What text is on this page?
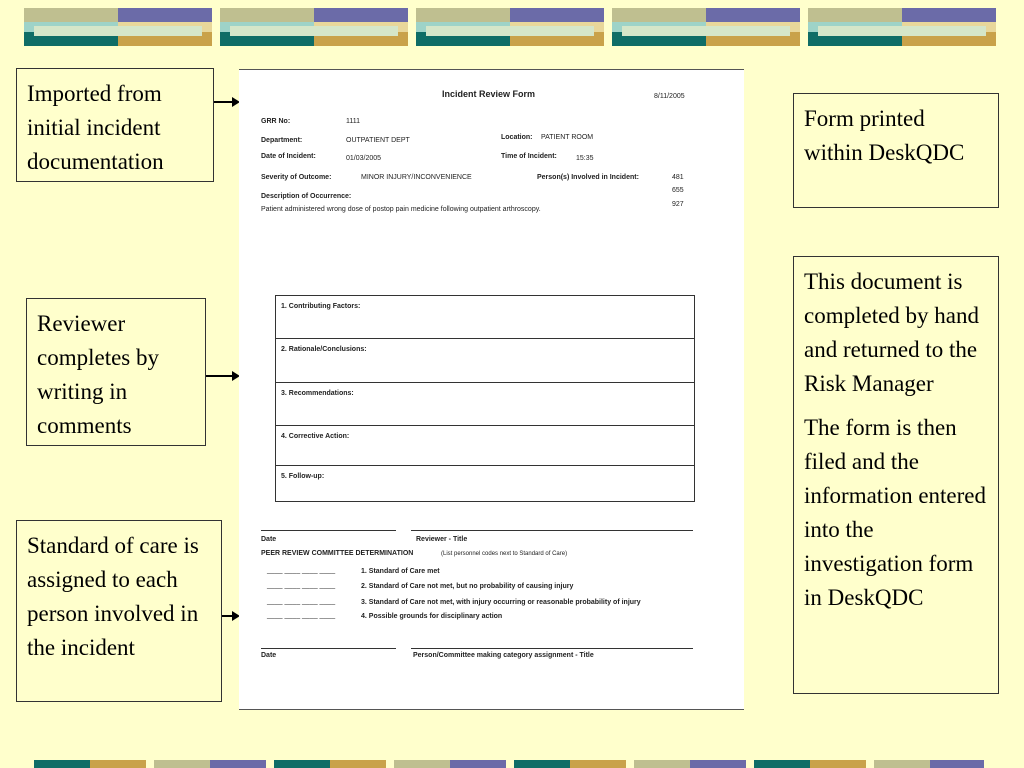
Imported from initial incident documentation

Reviewer completes by writing in comments

Standard of care is assigned to each person involved in the incident

Form printed within DeskQDC

This document is completed by hand and returned to the Risk Manager

The form is then filed and the information entered into the investigation form in DeskQDC

Incident Review Form	8/11/2005
GRR No:	1111
Department:	OUTPATIENT DEPT	Location: PATIENT ROOM
Date of Incident:	01/03/2005	Time of Incident:	15:35
Severity of Outcome:	MINOR INJURY/INCONVENIENCE	Person(s) Involved in Incident:	481
655
927
Description of Occurrence:
Patient administered wrong dose of postop pain medicine following outpatient arthroscopy.
1. Contributing Factors:
2. Rationale/Conclusions:
3. Recommendations:
4. Corrective Action:
5. Follow-up:
Date	Reviewer - Title
PEER REVIEW COMMITTEE DETERMINATION	(List personnel codes next to Standard of Care)
____ ____ ____ ____	1. Standard of Care met
____ ____ ____ ____	2. Standard of Care not met, but no probability of causing injury
____ ____ ____ ____	3. Standard of Care not met, with injury occurring or reasonable probability of injury
____ ____ ____ ____	4. Possible grounds for disciplinary action
Date	Person/Committee making category assignment - Title
